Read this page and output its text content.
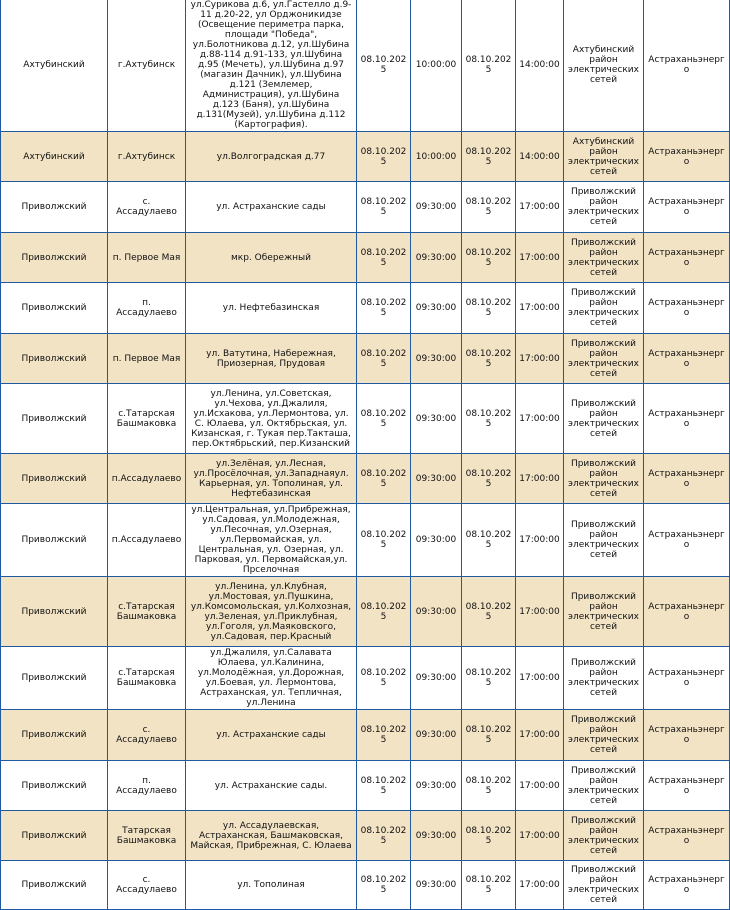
Ахтубинский	г.Ахтубинск	ул.Сурикова д.6, ул.Гастелло д.9-11 д.20-22, ул Орджоникидзе (Освещение периметра парка, площади "Победа", ул.Болотникова д.12, ул.Шубина д.88-114 д.91-133, ул.Шубина д.95 (Мечеть), ул.Шубина д.97 (магазин Дачник), ул.Шубина д.121 (Землемер, Администрация), ул.Шубина д.123 (Баня), ул.Шубина д.131(Музей), ул.Шубина д.112 (Картография).	08.10.2025	10:00:00	08.10.2025	14:00:00	Ахтубинский район электрических сетей	Астраханьэнерго
Ахтубинский	г.Ахтубинск	ул.Волгоградская д.77	08.10.2025	10:00:00	08.10.2025	14:00:00	Ахтубинский район электрических сетей	Астраханьэнерго
Приволжский	с. Ассадулаево	ул. Астраханские сады	08.10.2025	09:30:00	08.10.2025	17:00:00	Приволжский район электрических сетей	Астраханьэнерго
Приволжский	п. Первое Мая	мкр. Обережный	08.10.2025	09:30:00	08.10.2025	17:00:00	Приволжский район электрических сетей	Астраханьэнерго
Приволжский	п. Ассадулаево	ул. Нефтебазинская	08.10.2025	09:30:00	08.10.2025	17:00:00	Приволжский район электрических сетей	Астраханьэнерго
Приволжский	п. Первое Мая	ул. Ватутина, Набережная, Приозерная, Прудовая	08.10.2025	09:30:00	08.10.2025	17:00:00	Приволжский район электрических сетей	Астраханьэнерго
Приволжский	с.Татарская Башмаковка	ул.Ленина, ул.Советская, ул.Чехова, ул.Джалиля, ул.Исхакова, ул.Лермонтова, ул. С. Юлаева, ул. Октябрьская, ул. Кизанская, г. Тукая пер.Такташа, пер.Октябрьский, пер.Кизанский	08.10.2025	09:30:00	08.10.2025	17:00:00	Приволжский район электрических сетей	Астраханьэнерго
Приволжский	п.Ассадулаево	ул.Зелёная, ул.Лесная, ул.Просёлочная, ул.Западнаяул. Карьерная, ул. Тополиная, ул. Нефтебазинская	08.10.2025	09:30:00	08.10.2025	17:00:00	Приволжский район электрических сетей	Астраханьэнерго
Приволжский	п.Ассадулаево	ул.Центральная, ул.Прибрежная, ул.Садовая, ул.Молодежная, ул.Песочная, ул.Озерная, ул.Первомайская, ул. Центральная, ул. Озерная, ул. Парковая, ул. Первомайская,ул. Прселочная	08.10.2025	09:30:00	08.10.2025	17:00:00	Приволжский район электрических сетей	Астраханьэнерго
Приволжский	с.Татарская Башмаковка	ул.Ленина, ул.Клубная, ул.Мостовая, ул.Пушкина, ул.Комсомольская, ул.Колхозная, ул.Зеленая, ул.Приклубная, ул.Гоголя, ул.Маяковского, ул.Садовая, пер.Красный	08.10.2025	09:30:00	08.10.2025	17:00:00	Приволжский район электрических сетей	Астраханьэнерго
Приволжский	с.Татарская Башмаковка	ул.Джалиля, ул.Салавата Юлаева, ул.Калинина, ул.Молодёжная, ул.Дорожная, ул.Боевая, ул. Лермонтова, Астраханская, ул. Тепличная, ул.Ленина	08.10.2025	09:30:00	08.10.2025	17:00:00	Приволжский район электрических сетей	Астраханьэнерго
Приволжский	с. Ассадулаево	ул. Астраханские сады	08.10.2025	09:30:00	08.10.2025	17:00:00	Приволжский район электрических сетей	Астраханьэнерго
Приволжский	п. Ассадулаево	ул. Астраханские сады.	08.10.2025	09:30:00	08.10.2025	17:00:00	Приволжский район электрических сетей	Астраханьэнерго
Приволжский	Татарская Башмаковка	ул. Ассадулаевская, Астраханская, Башмаковская, Майская, Прибрежная, С. Юлаева	08.10.2025	09:30:00	08.10.2025	17:00:00	Приволжский район электрических сетей	Астраханьэнерго
Приволжский	с. Ассадулаево	ул. Тополиная	08.10.2025	09:30:00	08.10.2025	17:00:00	Приволжский район электрических сетей	Астраханьэнерго
